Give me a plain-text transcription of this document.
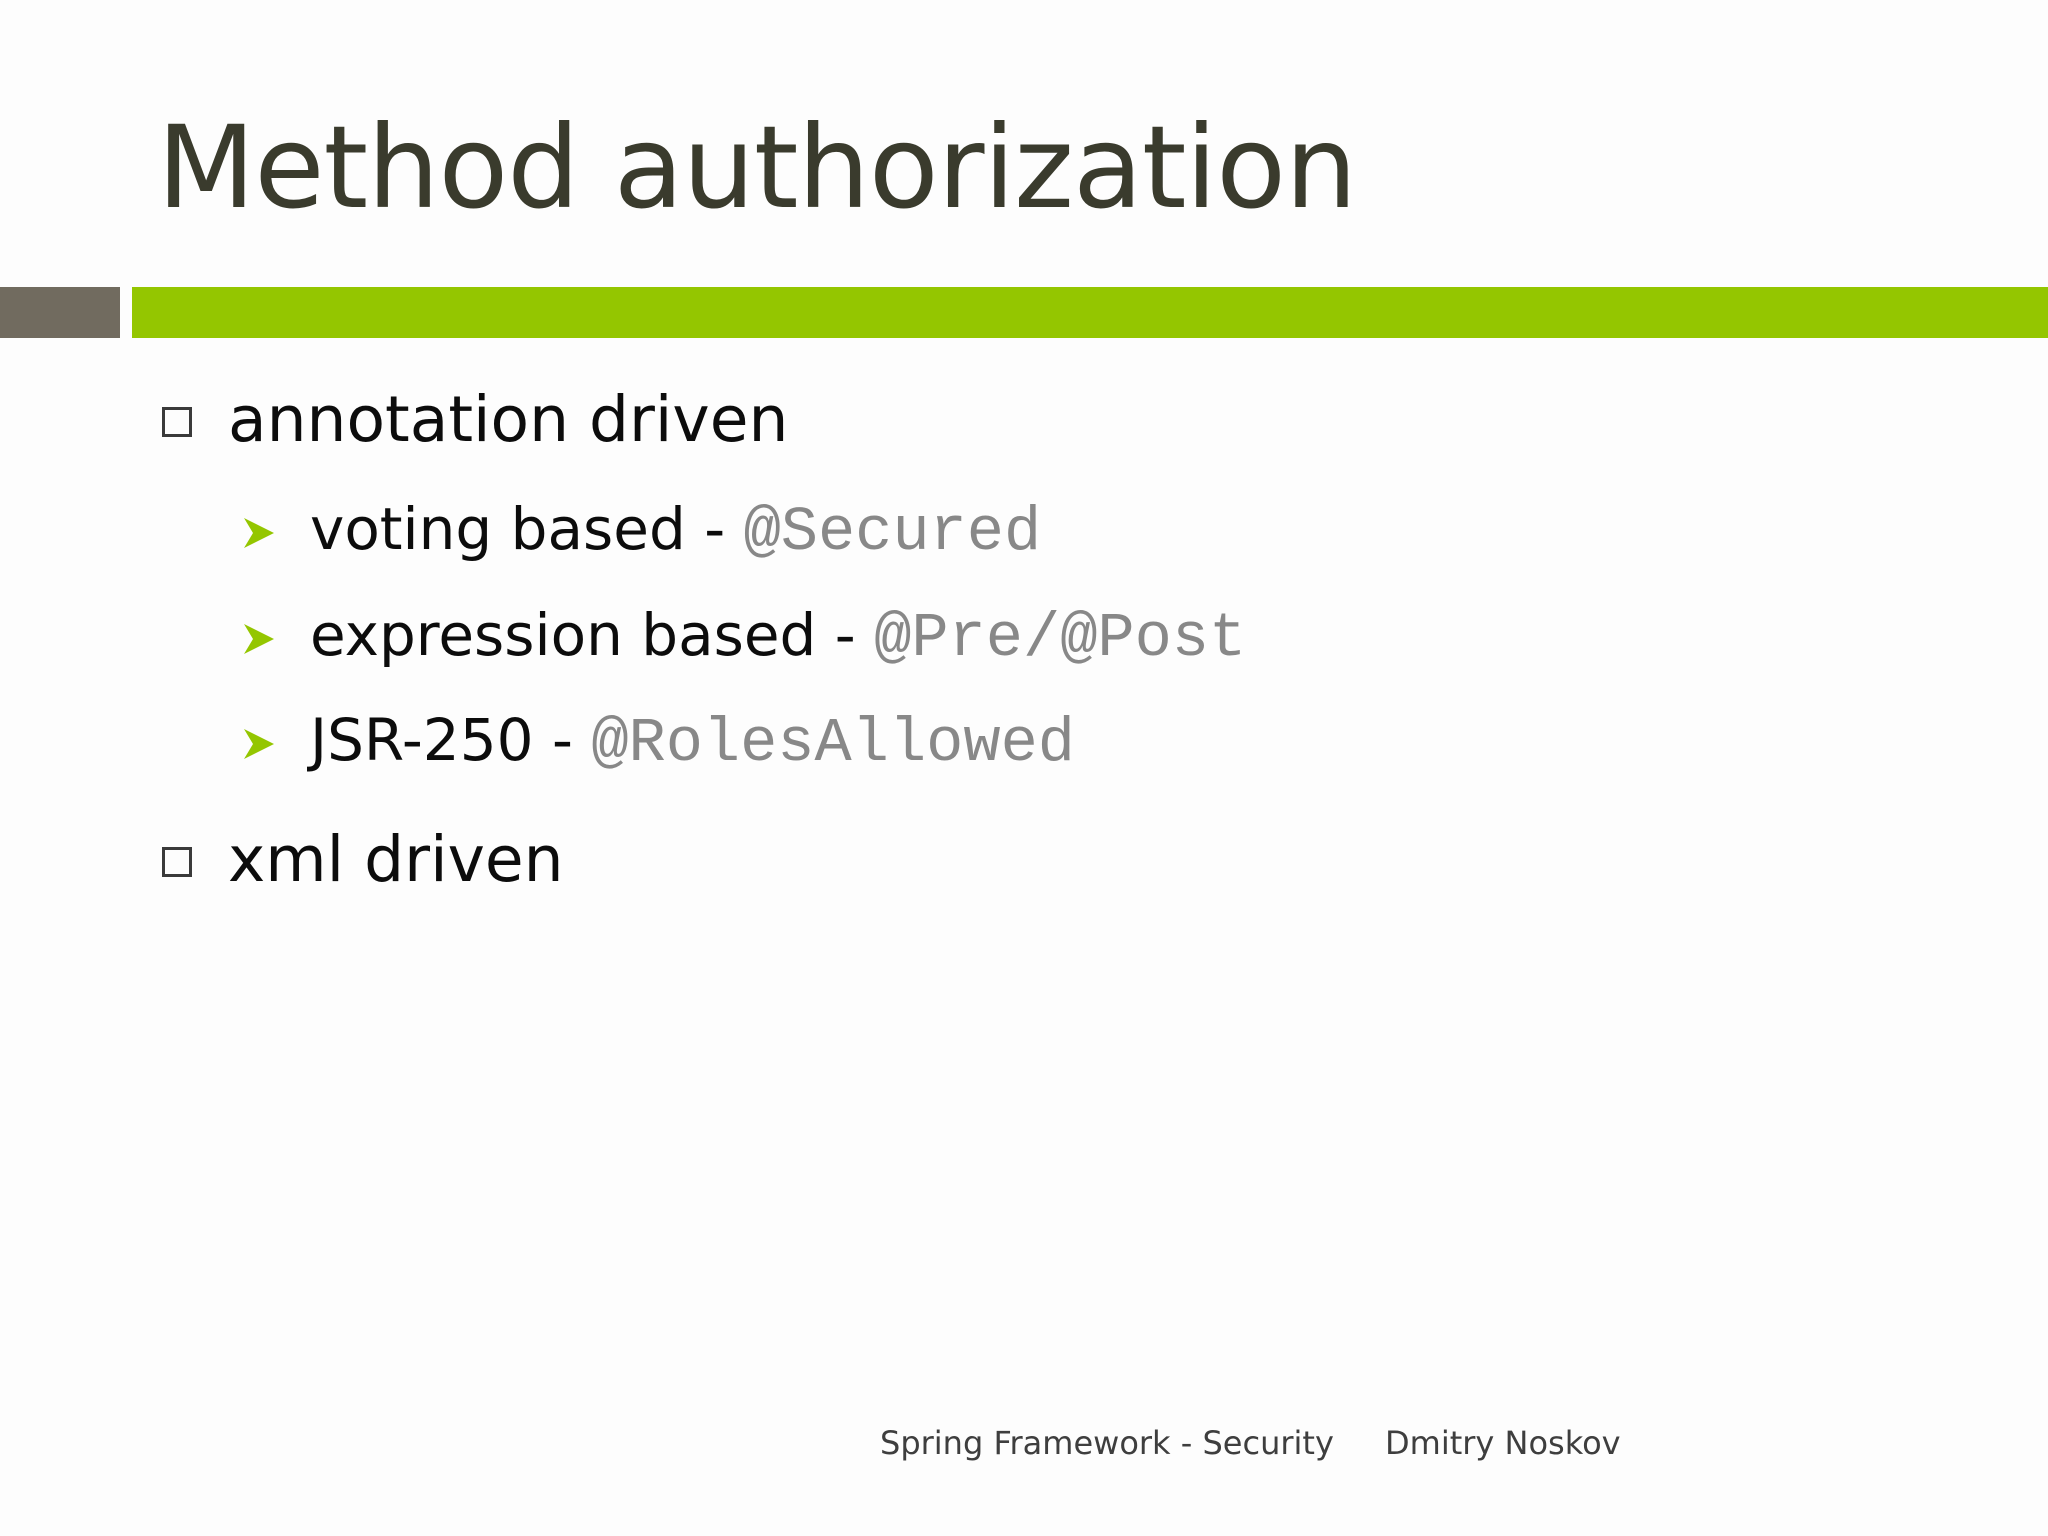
Method authorization
annotation driven
voting based - @Secured
expression based - @Pre/@Post
JSR-250 - @RolesAllowed
xml driven
Spring Framework - Security Dmitry Noskov
